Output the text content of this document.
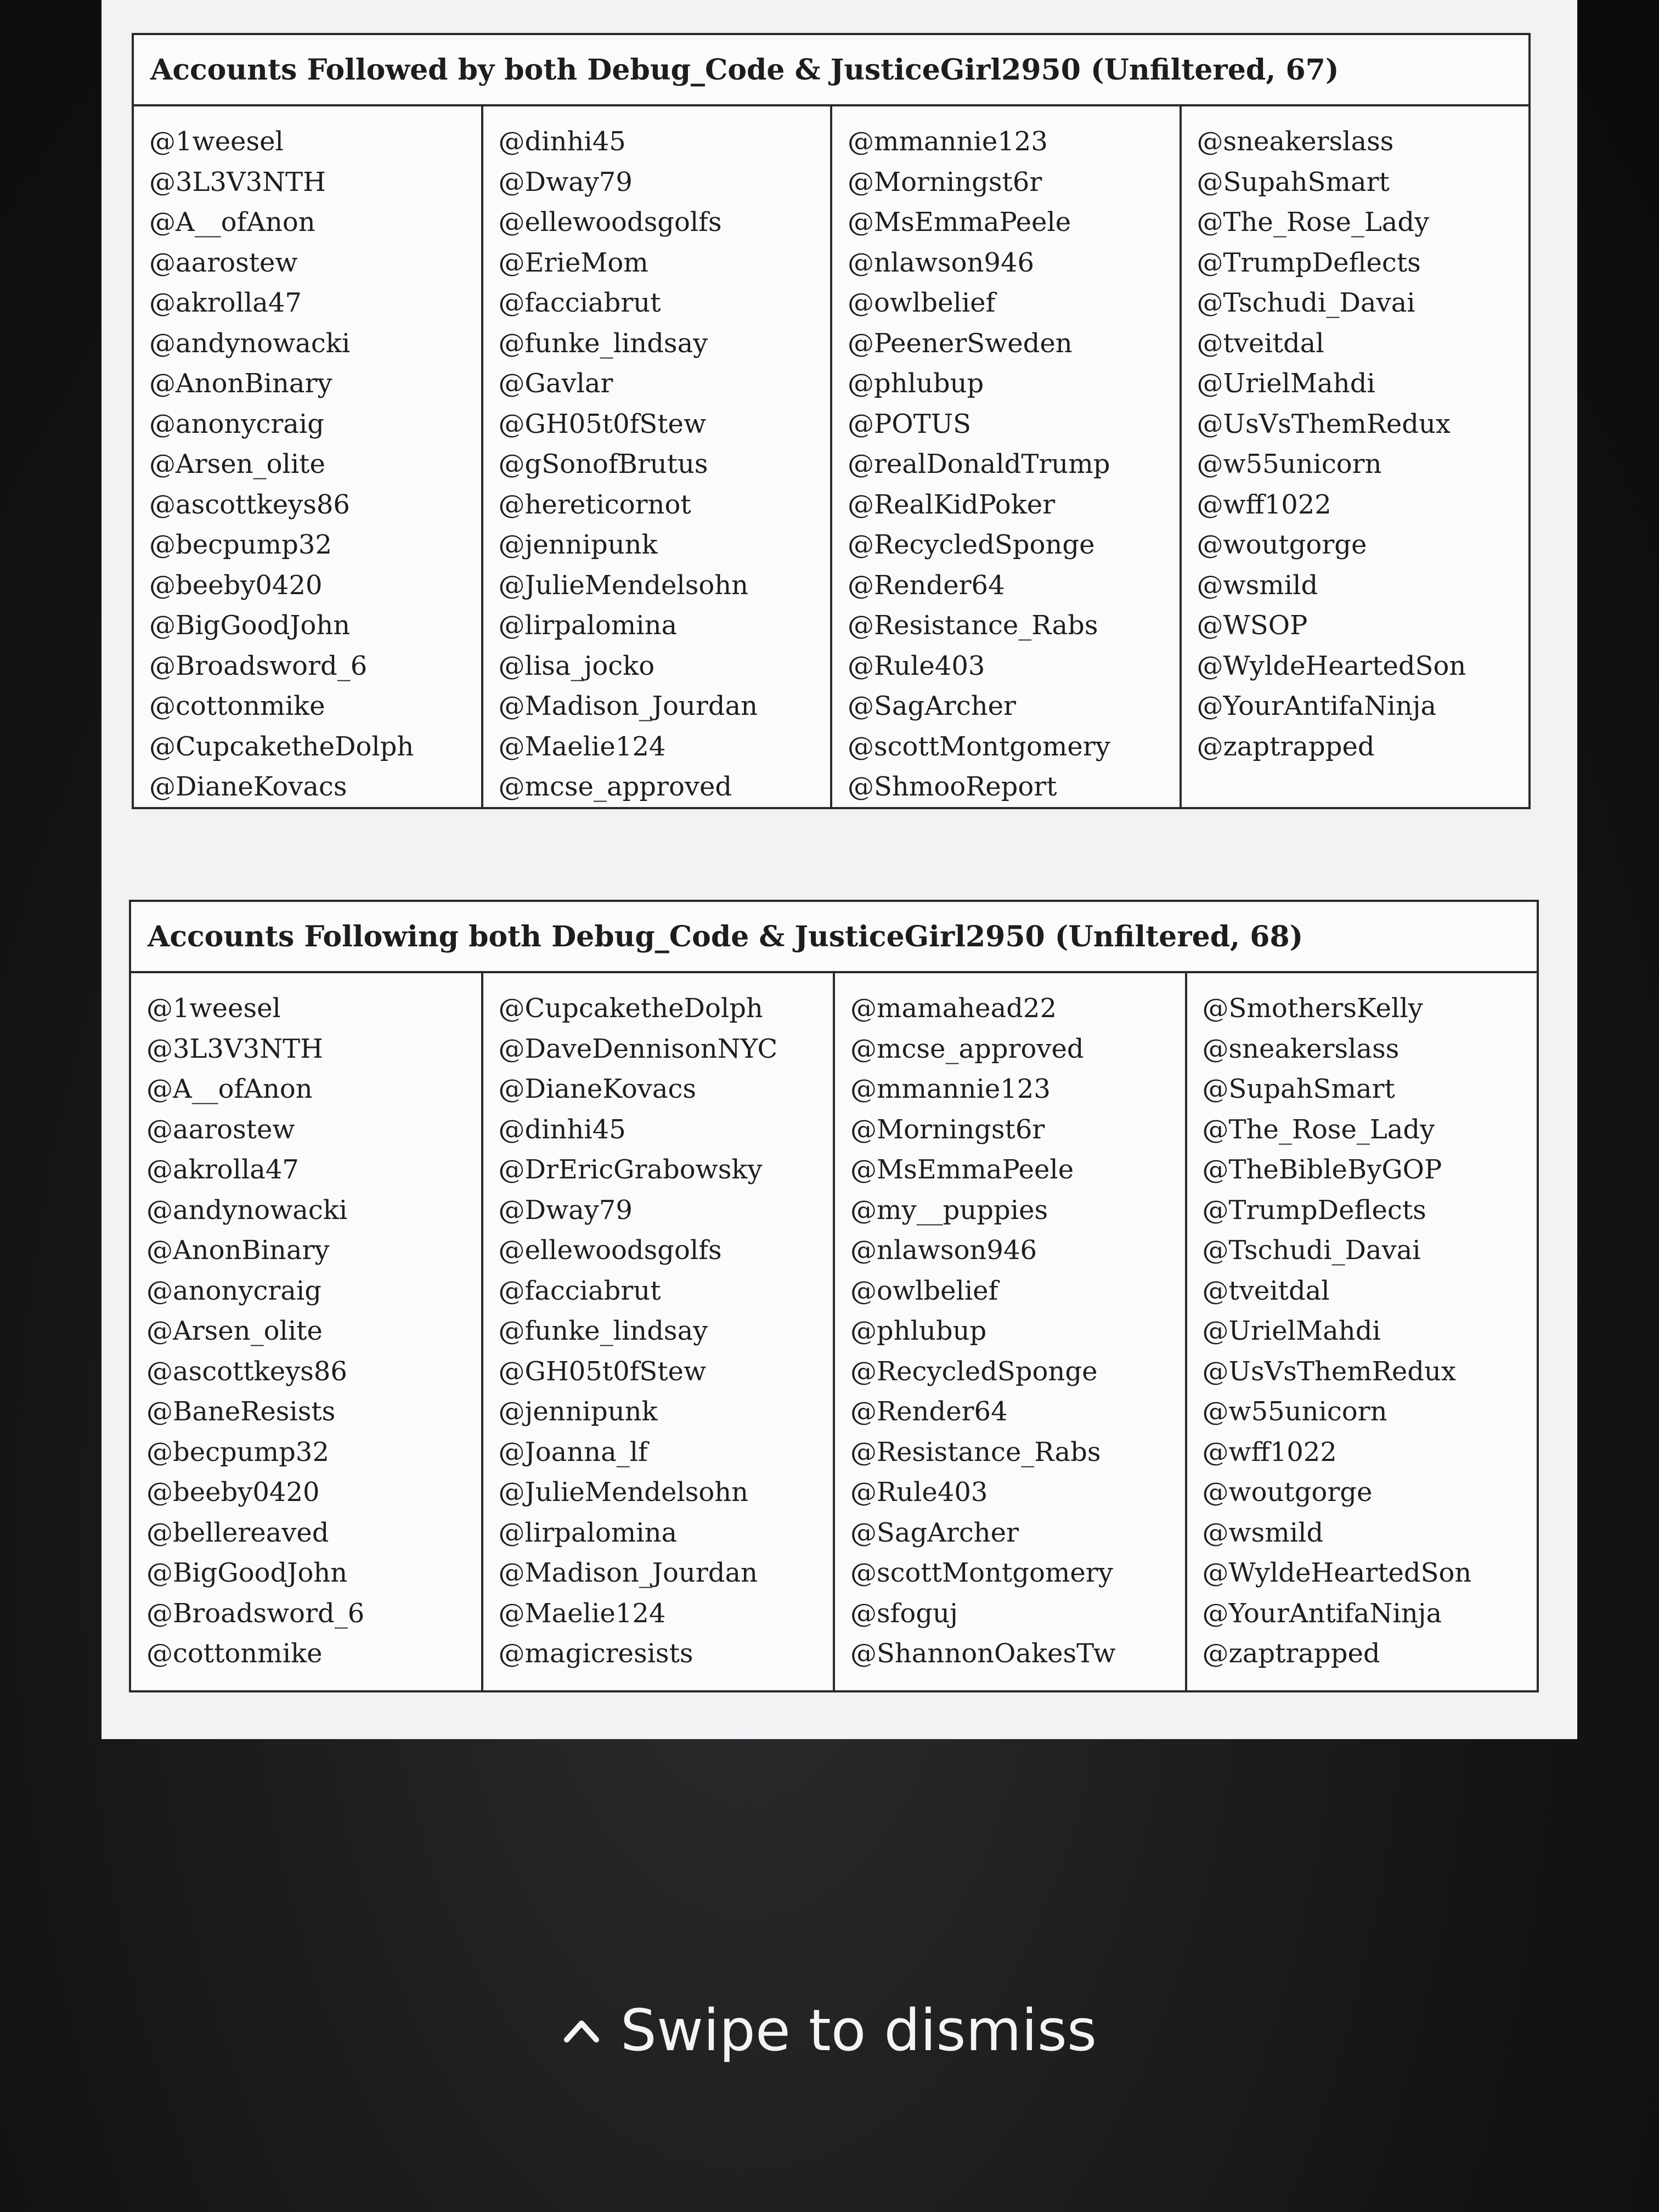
Accounts Followed by both Debug_Code & JusticeGirl2950 (Unfiltered, 67)
@1weesel
@3L3V3NTH
@A__ofAnon
@aarostew
@akrolla47
@andynowacki
@AnonBinary
@anonycraig
@Arsen_olite
@ascottkeys86
@becpump32
@beeby0420
@BigGoodJohn
@Broadsword_6
@cottonmike
@CupcaketheDolph
@DianeKovacs
@dinhi45
@Dway79
@ellewoodsgolfs
@ErieMom
@facciabrut
@funke_lindsay
@Gavlar
@GH05t0fStew
@gSonofBrutus
@hereticornot
@jennipunk
@JulieMendelsohn
@lirpalomina
@lisa_jocko
@Madison_Jourdan
@Maelie124
@mcse_approved
@mmannie123
@Morningst6r
@MsEmmaPeele
@nlawson946
@owlbelief
@PeenerSweden
@phlubup
@POTUS
@realDonaldTrump
@RealKidPoker
@RecycledSponge
@Render64
@Resistance_Rabs
@Rule403
@SagArcher
@scottMontgomery
@ShmooReport
@sneakerslass
@SupahSmart
@The_Rose_Lady
@TrumpDeflects
@Tschudi_Davai
@tveitdal
@UrielMahdi
@UsVsThemRedux
@w55unicorn
@wff1022
@woutgorge
@wsmild
@WSOP
@WyldeHeartedSon
@YourAntifaNinja
@zaptrapped
Accounts Following both Debug_Code & JusticeGirl2950 (Unfiltered, 68)
@1weesel
@3L3V3NTH
@A__ofAnon
@aarostew
@akrolla47
@andynowacki
@AnonBinary
@anonycraig
@Arsen_olite
@ascottkeys86
@BaneResists
@becpump32
@beeby0420
@bellereaved
@BigGoodJohn
@Broadsword_6
@cottonmike
@CupcaketheDolph
@DaveDennisonNYC
@DianeKovacs
@dinhi45
@DrEricGrabowsky
@Dway79
@ellewoodsgolfs
@facciabrut
@funke_lindsay
@GH05t0fStew
@jennipunk
@Joanna_lf
@JulieMendelsohn
@lirpalomina
@Madison_Jourdan
@Maelie124
@magicresists
@mamahead22
@mcse_approved
@mmannie123
@Morningst6r
@MsEmmaPeele
@my__puppies
@nlawson946
@owlbelief
@phlubup
@RecycledSponge
@Render64
@Resistance_Rabs
@Rule403
@SagArcher
@scottMontgomery
@sfoguj
@ShannonOakesTw
@SmothersKelly
@sneakerslass
@SupahSmart
@The_Rose_Lady
@TheBibleByGOP
@TrumpDeflects
@Tschudi_Davai
@tveitdal
@UrielMahdi
@UsVsThemRedux
@w55unicorn
@wff1022
@woutgorge
@wsmild
@WyldeHeartedSon
@YourAntifaNinja
@zaptrapped
Swipe to dismiss
